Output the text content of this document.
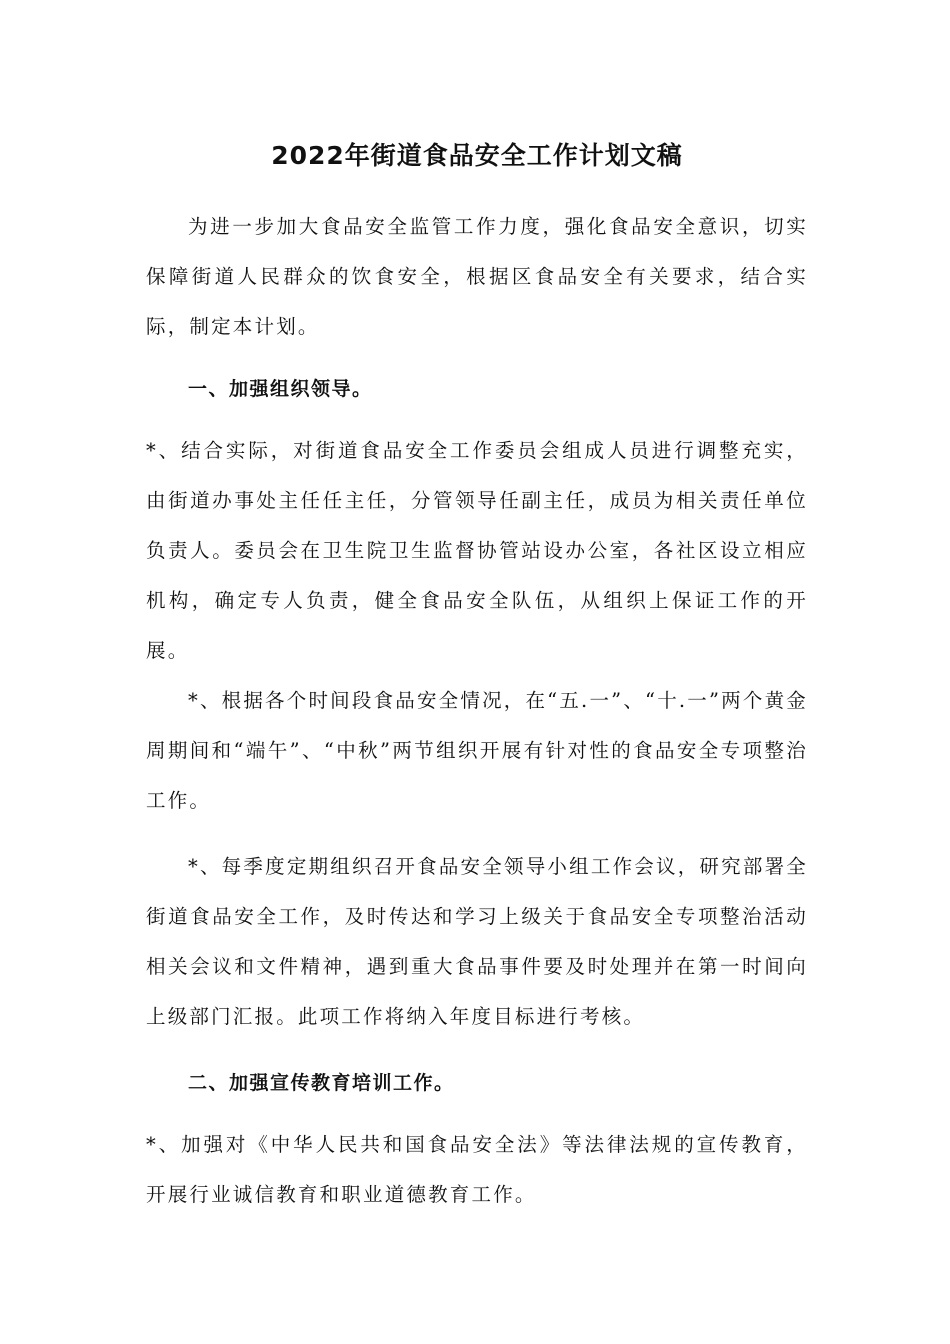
2022年街道食品安全工作计划文稿

为进一步加大食品安全监管工作力度，强化食品安全意识，切实保障街道人民群众的饮食安全，根据区食品安全有关要求，结合实际，制定本计划。

一、加强组织领导。

*、结合实际，对街道食品安全工作委员会组成人员进行调整充实，由街道办事处主任任主任，分管领导任副主任，成员为相关责任单位负责人。委员会在卫生院卫生监督协管站设办公室，各社区设立相应机构，确定专人负责，健全食品安全队伍，从组织上保证工作的开展。

*、根据各个时间段食品安全情况，在“五.一”、“十.一”两个黄金周期间和“端午”、“中秋”两节组织开展有针对性的食品安全专项整治工作。

*、每季度定期组织召开食品安全领导小组工作会议，研究部署全街道食品安全工作，及时传达和学习上级关于食品安全专项整治活动相关会议和文件精神，遇到重大食品事件要及时处理并在第一时间向上级部门汇报。此项工作将纳入年度目标进行考核。

二、加强宣传教育培训工作。

*、加强对《中华人民共和国食品安全法》等法律法规的宣传教育，开展行业诚信教育和职业道德教育工作。
